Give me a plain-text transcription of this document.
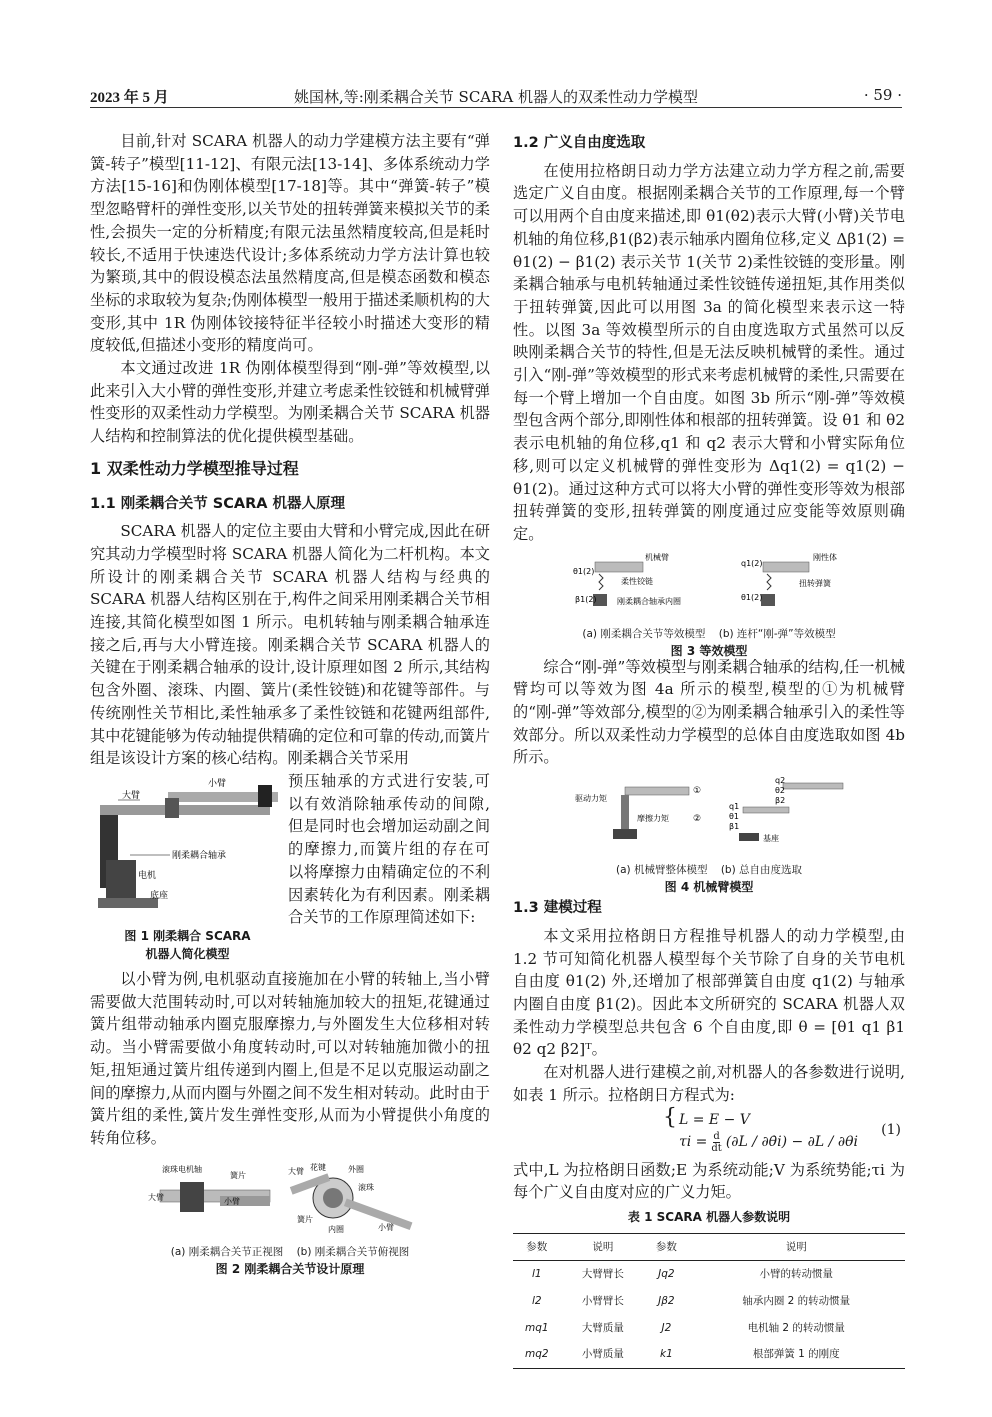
2023 年 5 月	姚国林,等:刚柔耦合关节 SCARA 机器人的双柔性动力学模型	· 59 ·

目前,针对 SCARA 机器人的动力学建模方法主要有“弹簧-转子”模型[11-12]、有限元法[13-14]、多体系统动力学方法[15-16]和伪刚体模型[17-18]等。其中“弹簧-转子”模型忽略臂杆的弹性变形,以关节处的扭转弹簧来模拟关节的柔性,会损失一定的分析精度;有限元法虽然精度较高,但是耗时较长,不适用于快速迭代设计;多体系统动力学方法计算也较为繁琐,其中的假设模态法虽然精度高,但是模态函数和模态坐标的求取较为复杂;伪刚体模型一般用于描述柔顺机构的大变形,其中 1R 伪刚体铰接特征半径较小时描述大变形的精度较低,但描述小变形的精度尚可。

本文通过改进 1R 伪刚体模型得到“刚-弹”等效模型,以此来引入大小臂的弹性变形,并建立考虑柔性铰链和机械臂弹性变形的双柔性动力学模型。为刚柔耦合关节 SCARA 机器人结构和控制算法的优化提供模型基础。

1 双柔性动力学模型推导过程
1.1 刚柔耦合关节 SCARA 机器人原理

SCARA 机器人的定位主要由大臂和小臂完成,因此在研究其动力学模型时将 SCARA 机器人简化为二杆机构。本文所设计的刚柔耦合关节 SCARA 机器人结构与经典的 SCARA 机器人结构区别在于,构件之间采用刚柔耦合关节相连接,其简化模型如图 1 所示。电机转轴与刚柔耦合轴承连接之后,再与大小臂连接。刚柔耦合关节 SCARA 机器人的关键在于刚柔耦合轴承的设计,设计原理如图 2 所示,其结构包含外圈、滚珠、内圈、簧片(柔性铰链)和花键等部件。与传统刚性关节相比,柔性轴承多了柔性铰链和花键两组部件,其中花键能够为传动轴提供精确的定位和可靠的传动,而簧片组是该设计方案的核心结构。刚柔耦合关节采用

大臂
小臂
电机
刚柔耦合轴承
底座
图 1 刚柔耦合 SCARA
机器人简化模型

预压轴承的方式进行安装,可以有效消除轴承传动的间隙,但是同时也会增加运动副之间的摩擦力,而簧片组的存在可以将摩擦力由精确定位的不利因素转化为有利因素。刚柔耦合关节的工作原理简述如下:

以小臂为例,电机驱动直接施加在小臂的转轴上,当小臂需要做大范围转动时,可以对转轴施加较大的扭矩,花键通过簧片组带动轴承内圈克服摩擦力,与外圈发生大位移相对转动。当小臂需要做小角度转动时,可以对转轴施加微小的扭矩,扭矩通过簧片组传递到内圈上,但是不足以克服运动副之间的摩擦力,从而内圈与外圈之间不发生相对转动。此时由于簧片组的柔性,簧片发生弹性变形,从而为小臂提供小角度的转角位移。

滚珠电机轴
簧片
大臂	小臂
大臂 花键	外圈
滚珠
簧片
内圈	小臂
(a) 刚柔耦合关节正视图 (b) 刚柔耦合关节俯视图
图 2 刚柔耦合关节设计原理
1.2 广义自由度选取

在使用拉格朗日动力学方法建立动力学方程之前,需要选定广义自由度。根据刚柔耦合关节的工作原理,每一个臂可以用两个自由度来描述,即 θ1(θ2)表示大臂(小臂)关节电机轴的角位移,β1(β2)表示轴承内圈角位移,定义 Δβ1(2) = θ1(2) − β1(2) 表示关节 1(关节 2)柔性铰链的变形量。刚柔耦合轴承与电机转轴通过柔性铰链传递扭矩,其作用类似于扭转弹簧,因此可以用图 3a 的简化模型来表示这一特性。以图 3a 等效模型所示的自由度选取方式虽然可以反映刚柔耦合关节的特性,但是无法反映机械臂的柔性。通过引入“刚-弹”等效模型的形式来考虑机械臂的柔性,只需要在每一个臂上增加一个自由度。如图 3b 所示“刚-弹”等效模型包含两个部分,即刚性体和根部的扭转弹簧。设 θ1 和 θ2 表示电机轴的角位移,q1 和 q2 表示大臂和小臂实际角位移,则可以定义机械臂的弹性变形为 Δq1(2) = q1(2) − θ1(2)。通过这种方式可以将大小臂的弹性变形等效为根部扭转弹簧的变形,扭转弹簧的刚度通过应变能等效原则确定。

机械臂
θ1(2)
柔性铰链
β1(2)	刚柔耦合轴承内圈
q1(2)
刚性体
θ1(2)
扭转弹簧
(a) 刚柔耦合关节等效模型 (b) 连杆“刚-弹”等效模型
图 3 等效模型

综合“刚-弹”等效模型与刚柔耦合轴承的结构,任一机械臂均可以等效为图 4a 所示的模型,模型的①为机械臂的“刚-弹”等效部分,模型的②为刚柔耦合轴承引入的柔性等效部分。所以双柔性动力学模型的总体自由度选取如图 4b 所示。

驱动力矩
①
摩擦力矩	②
q2
θ2
β2
q1
θ1
β1
基座
(a) 机械臂整体模型 (b) 总自由度选取
图 4 机械臂模型
1.3 建模过程

本文采用拉格朗日方程推导机器人的动力学模型,由 1.2 节可知简化机器人模型每个关节除了自身的关节电机自由度 θ1(2) 外,还增加了根部弹簧自由度 q1(2) 与轴承内圈自由度 β1(2)。因此本文所研究的 SCARA 机器人双柔性动力学模型总共包含 6 个自由度,即 θ = [θ1 q1 β1 θ2 q2 β2]ᵀ。

在对机器人进行建模之前,对机器人的各参数进行说明,如表 1 所示。拉格朗日方程式为:

{ L = E − V
$\tau i = \frac{d}{dt} (\partial L$ / ∂θ̇i) − ∂L / ∂θi
(1)

式中,L 为拉格朗日函数;E 为系统动能;V 为系统势能;τi 为每个广义自由度对应的广义力矩。

表 1 SCARA 机器人参数说明
参数	说明	参数	说明
l1	大臂臂长	Jq2	小臂的转动惯量
l2	小臂臂长	Jβ2	轴承内圈 2 的转动惯量
mq1	大臂质量	J2	电机轴 2 的转动惯量
mq2	小臂质量	k1	根部弹簧 1 的刚度
